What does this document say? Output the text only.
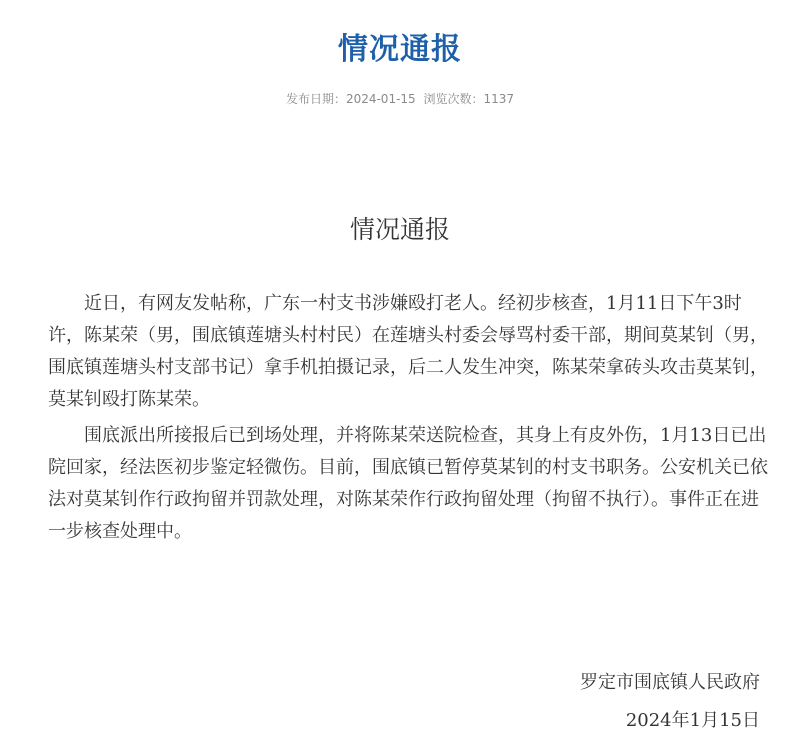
情况通报
发布日期：2024-01-15 浏览次数：1137
情况通报

近日，有网友发帖称，广东一村支书涉嫌殴打老人。经初步核查，1月11日下午3时许，陈某荣（男，围底镇莲塘头村村民）在莲塘头村委会辱骂村委干部，期间莫某钊（男，围底镇莲塘头村支部书记）拿手机拍摄记录，后二人发生冲突，陈某荣拿砖头攻击莫某钊，莫某钊殴打陈某荣。

围底派出所接报后已到场处理，并将陈某荣送院检查，其身上有皮外伤，1月13日已出院回家，经法医初步鉴定轻微伤。目前，围底镇已暂停莫某钊的村支书职务。公安机关已依法对莫某钊作行政拘留并罚款处理，对陈某荣作行政拘留处理（拘留不执行）。事件正在进一步核查处理中。

罗定市围底镇人民政府
2024年1月15日
